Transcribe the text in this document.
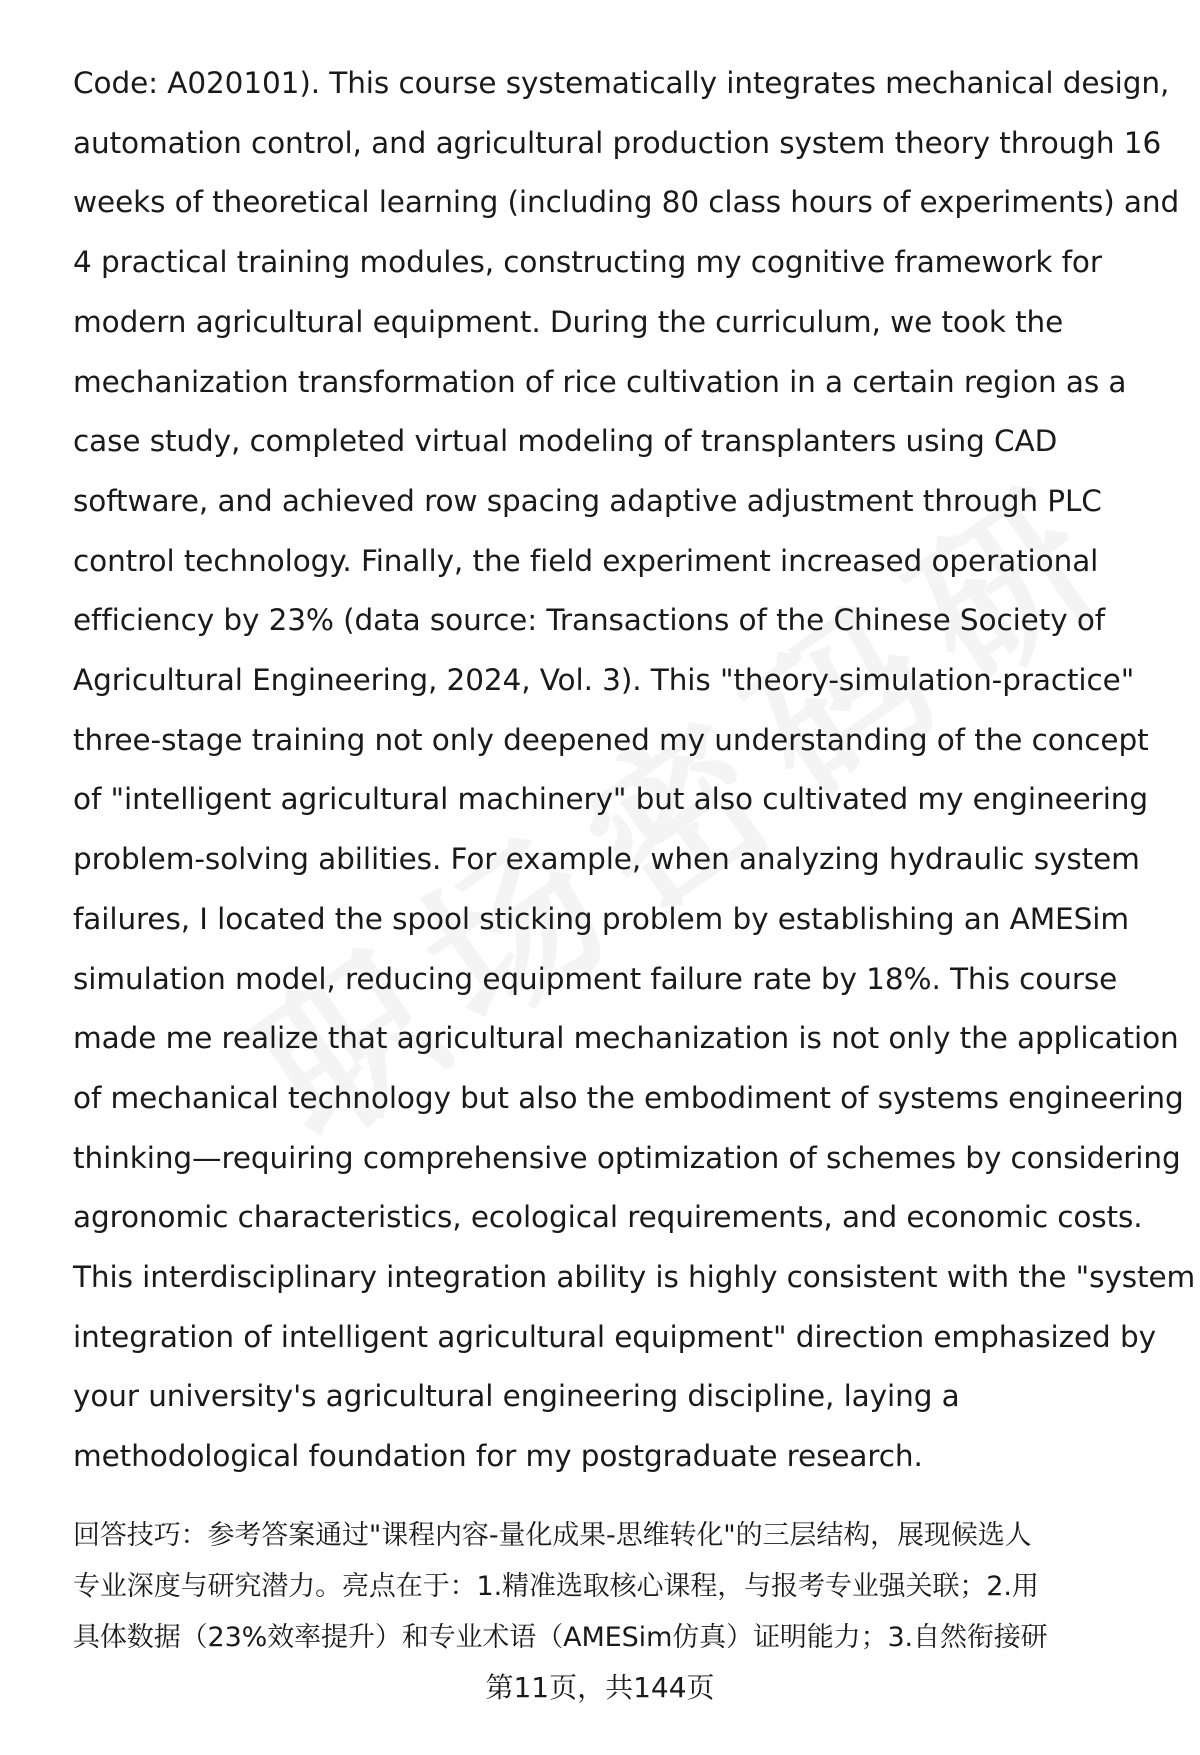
Code: A020101). This course systematically integrates mechanical design,
automation control, and agricultural production system theory through 16
weeks of theoretical learning (including 80 class hours of experiments) and
4 practical training modules, constructing my cognitive framework for
modern agricultural equipment. During the curriculum, we took the
mechanization transformation of rice cultivation in a certain region as a
case study, completed virtual modeling of transplanters using CAD
software, and achieved row spacing adaptive adjustment through PLC
control technology. Finally, the field experiment increased operational
efficiency by 23% (data source: Transactions of the Chinese Society of
Agricultural Engineering, 2024, Vol. 3). This "theory-simulation-practice"
three-stage training not only deepened my understanding of the concept
of "intelligent agricultural machinery" but also cultivated my engineering
problem-solving abilities. For example, when analyzing hydraulic system
failures, I located the spool sticking problem by establishing an AMESim
simulation model, reducing equipment failure rate by 18%. This course
made me realize that agricultural mechanization is not only the application
of mechanical technology but also the embodiment of systems engineering
thinking—requiring comprehensive optimization of schemes by considering
agronomic characteristics, ecological requirements, and economic costs.
This interdisciplinary integration ability is highly consistent with the "system
integration of intelligent agricultural equipment" direction emphasized by
your university's agricultural engineering discipline, laying a
methodological foundation for my postgraduate research.
回答技巧：参考答案通过"课程内容-量化成果-思维转化"的三层结构，展现候选人
专业深度与研究潜力。亮点在于：1.精准选取核心课程，与报考专业强关联；2.用
具体数据（23%效率提升）和专业术语（AMESim仿真）证明能力；3.自然衔接研
第11页，共144页
